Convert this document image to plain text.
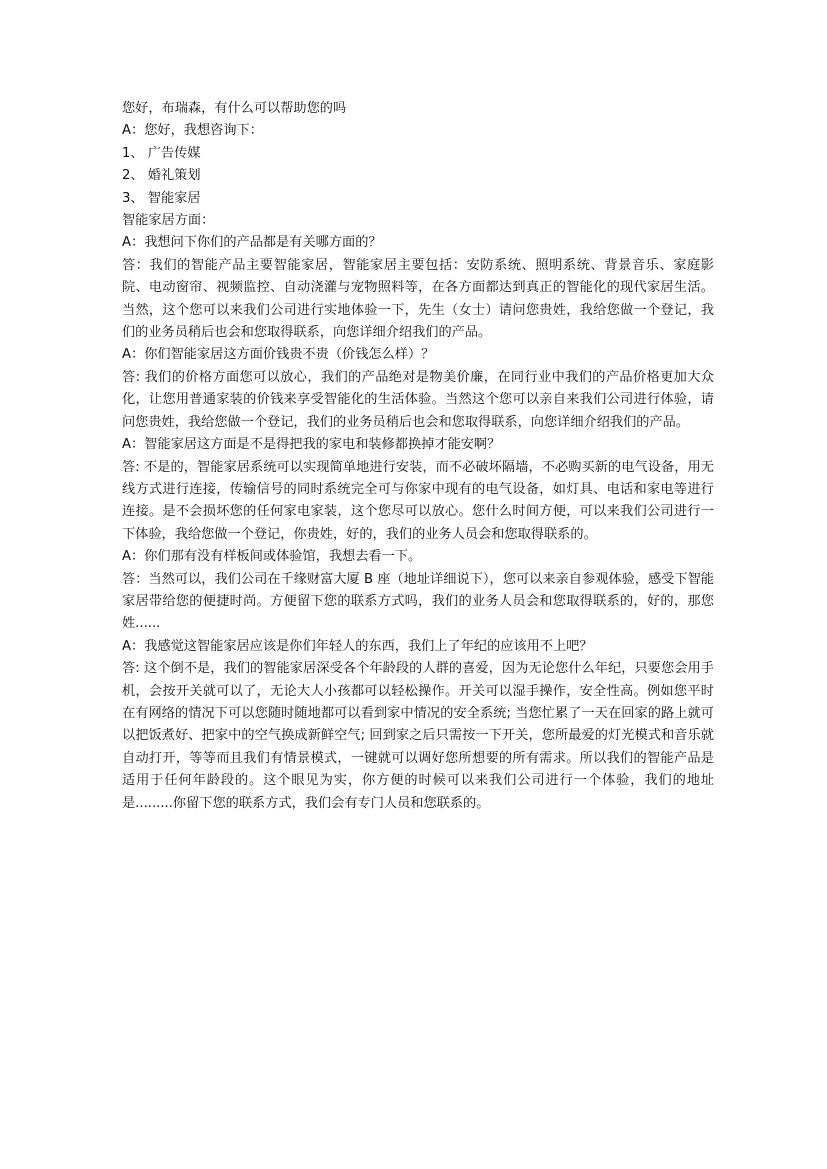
您好，布瑞森，有什么可以帮助您的吗

A：您好，我想咨询下：

1、 广告传媒

2、 婚礼策划

3、 智能家居

智能家居方面：

A：我想问下你们的产品都是有关哪方面的？

答：我们的智能产品主要智能家居，智能家居主要包括：安防系统、照明系统、背景音乐、家庭影院、电动窗帘、视频监控、自动浇灌与宠物照料等，在各方面都达到真正的智能化的现代家居生活。当然，这个您可以来我们公司进行实地体验一下，先生（女士）请问您贵姓，我给您做一个登记，我们的业务员稍后也会和您取得联系，向您详细介绍我们的产品。

A：你们智能家居这方面价钱贵不贵（价钱怎么样）？

答: 我们的价格方面您可以放心，我们的产品绝对是物美价廉，在同行业中我们的产品价格更加大众化，让您用普通家装的价钱来享受智能化的生活体验。当然这个您可以亲自来我们公司进行体验，请问您贵姓，我给您做一个登记，我们的业务员稍后也会和您取得联系，向您详细介绍我们的产品。

A：智能家居这方面是不是得把我的家电和装修都换掉才能安啊？

答: 不是的，智能家居系统可以实现简单地进行安装，而不必破坏隔墙，不必购买新的电气设备，用无线方式进行连接，传输信号的同时系统完全可与你家中现有的电气设备，如灯具、电话和家电等进行连接。是不会损坏您的任何家电家装，这个您尽可以放心。您什么时间方便，可以来我们公司进行一下体验，我给您做一个登记，你贵姓，好的，我们的业务人员会和您取得联系的。

A：你们那有没有样板间或体验馆，我想去看一下。

答：当然可以，我们公司在千缘财富大厦 B 座（地址详细说下），您可以来亲自参观体验，感受下智能家居带给您的便捷时尚。方便留下您的联系方式吗，我们的业务人员会和您取得联系的，好的，那您姓......

A：我感觉这智能家居应该是你们年轻人的东西，我们上了年纪的应该用不上吧？

答: 这个倒不是，我们的智能家居深受各个年龄段的人群的喜爱，因为无论您什么年纪，只要您会用手机，会按开关就可以了，无论大人小孩都可以轻松操作。开关可以湿手操作，安全性高。例如您平时在有网络的情况下可以您随时随地都可以看到家中情况的安全系统; 当您忙累了一天在回家的路上就可以把饭煮好、把家中的空气换成新鲜空气; 回到家之后只需按一下开关，您所最爱的灯光模式和音乐就自动打开，等等而且我们有情景模式，一键就可以调好您所想要的所有需求。所以我们的智能产品是适用于任何年龄段的。这个眼见为实，你方便的时候可以来我们公司进行一个体验，我们的地址是.........你留下您的联系方式，我们会有专门人员和您联系的。
